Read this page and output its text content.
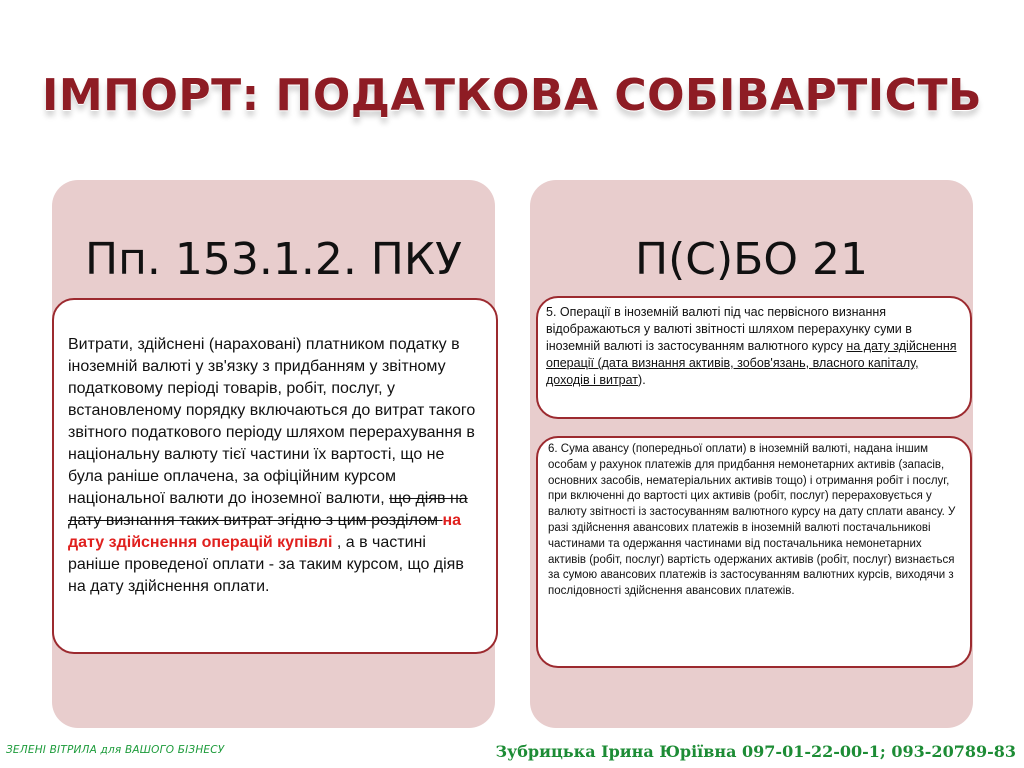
ІМПОРТ: ПОДАТКОВА СОБІВАРТІСТЬ
Пп. 153.1.2. ПКУ	П(С)БО 21
Витрати, здійснені (нараховані) платником податку в іноземній валюті у зв'язку з придбанням у звітному податковому періоді товарів, робіт, послуг, у встановленому порядку включаються до витрат такого звітного податкового періоду шляхом перерахування в національну валюту тієї частини їх вартості, що не була раніше оплачена, за офіційним курсом національної валюти до іноземної валюти, що діяв на дату визнання таких витрат згідно з цим розділом на дату здійснення операцій купівлі , а в частині раніше проведеної оплати - за таким курсом, що діяв на дату здійснення оплати.
5. Операції в іноземній валюті під час первісного визнання відображаються у валюті звітності шляхом перерахунку суми в іноземній валюті із застосуванням валютного курсу на дату здійснення операції (дата визнання активів, зобов'язань, власного капіталу, доходів і витрат).
6. Сума авансу (попередньої оплати) в іноземній валюті, надана іншим особам у рахунок платежів для придбання немонетарних активів (запасів, основних засобів, нематеріальних активів тощо) і отримання робіт і послуг, при включенні до вартості цих активів (робіт, послуг) перераховується у валюту звітності із застосуванням валютного курсу на дату сплати авансу. У разі здійснення авансових платежів в іноземній валюті постачальникові частинами та одержання частинами від постачальника немонетарних активів (робіт, послуг) вартість одержаних активів (робіт, послуг) визнається за сумою авансових платежів із застосуванням валютних курсів, виходячи з послідовності здійснення авансових платежів.
ЗЕЛЕНІ ВІТРИЛА для ВАШОГО БІЗНЕСУ	Зубрицька Ірина Юріївна 097-01-22-00-1; 093-20789-83
